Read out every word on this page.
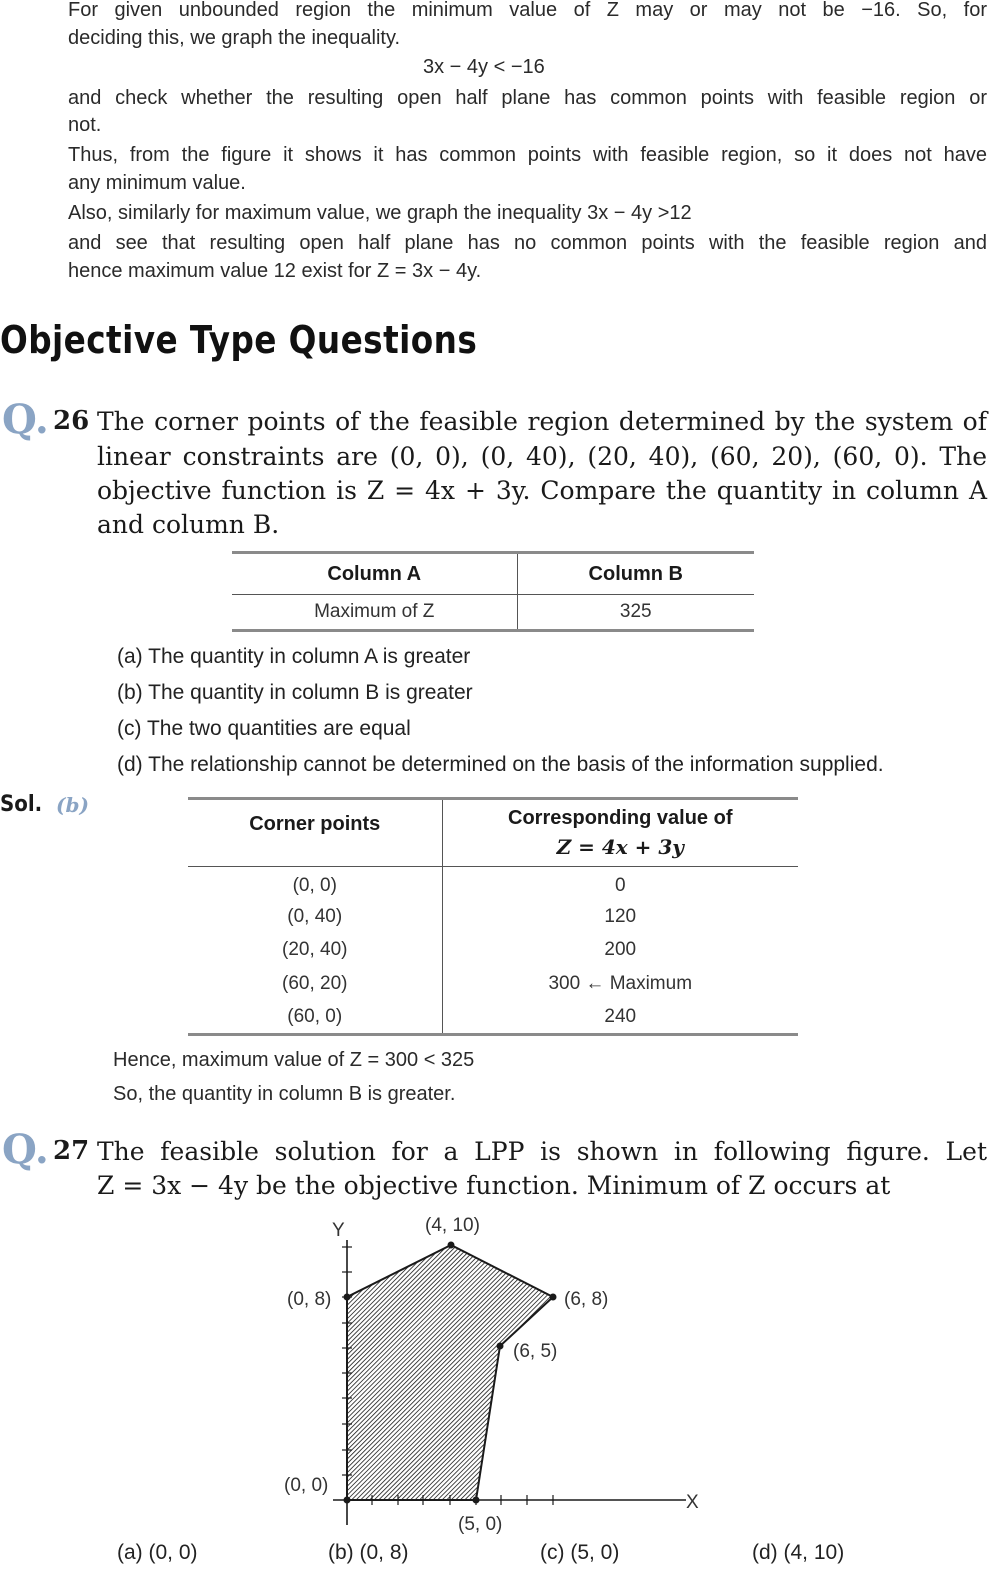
For given unbounded region the minimum value of Z may or may not be −16. So, for

deciding this, we graph the inequality.

3x − 4y < −16

and check whether the resulting open half plane has common points with feasible region or

not.

Thus, from the figure it shows it has common points with feasible region, so it does not have

any minimum value.

Also, similarly for maximum value, we graph the inequality 3x − 4y >12

and see that resulting open half plane has no common points with the feasible region and

hence maximum value 12 exist for Z = 3x − 4y.

Objective Type Questions
Q. 26 The corner points of the feasible region determined by the system of
linear constraints are (0, 0), (0, 40), (20, 40), (60, 20), (60, 0). The
objective function is Z = 4x + 3y. Compare the quantity in column A
and column B.
Column A	Column B
Maximum of Z	325
(a) The quantity in column A is greater
(b) The quantity in column B is greater
(c) The two quantities are equal
(d) The relationship cannot be determined on the basis of the information supplied.
Sol. (b)
Corner points	Corresponding value of
Z = 4x + 3y

(0, 0)	0
(0, 40)	120
(20, 40)	200
(60, 20)	300 ← Maximum
(60, 0)	240
Hence, maximum value of Z = 300 < 325
So, the quantity in column B is greater.
Q. 27 The feasible solution for a LPP is shown in following figure. Let
Z = 3x − 4y be the objective function. Minimum of Z occurs at
Y
X
(4, 10)
(0, 8)	(6, 8)
(6, 5)
(0, 0)
(5, 0)
(a) (0, 0)	(b) (0, 8)	(c) (5, 0)	(d) (4, 10)
